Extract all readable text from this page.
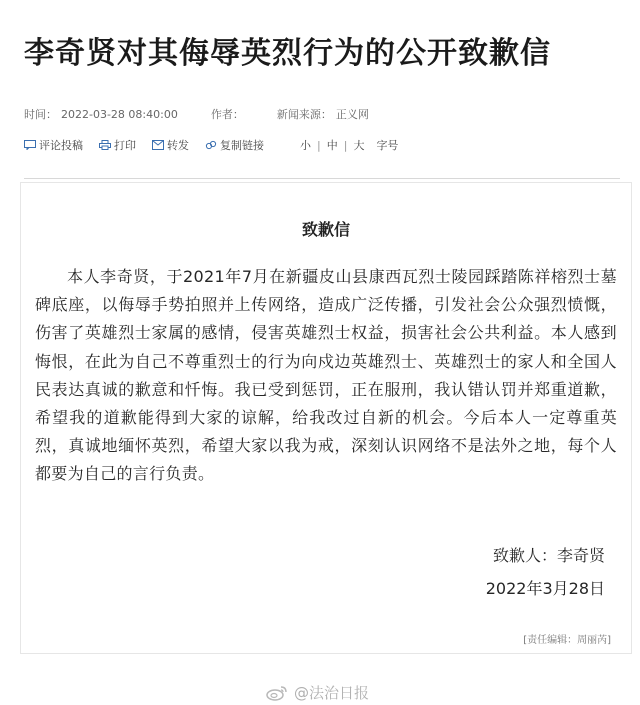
李奇贤对其侮辱英烈行为的公开致歉信
时间： 2022-03-28 08:40:00	作者：	新闻来源： 正义网
评论投稿	打印	转发	复制链接	小 | 中 | 大	字号
致歉信
本人李奇贤，于2021年7月在新疆皮山县康西瓦烈士陵园踩踏陈祥榕烈士墓碑底座，以侮辱手势拍照并上传网络，造成广泛传播，引发社会公众强烈愤慨，伤害了英雄烈士家属的感情，侵害英雄烈士权益，损害社会公共利益。本人感到悔恨，在此为自己不尊重烈士的行为向戍边英雄烈士、英雄烈士的家人和全国人民表达真诚的歉意和忏悔。我已受到惩罚，正在服刑，我认错认罚并郑重道歉，希望我的道歉能得到大家的谅解，给我改过自新的机会。今后本人一定尊重英烈，真诚地缅怀英烈，希望大家以我为戒，深刻认识网络不是法外之地，每个人都要为自己的言行负责。
致歉人：李奇贤
2022年3月28日
[责任编辑：周丽芮]
@法治日报
